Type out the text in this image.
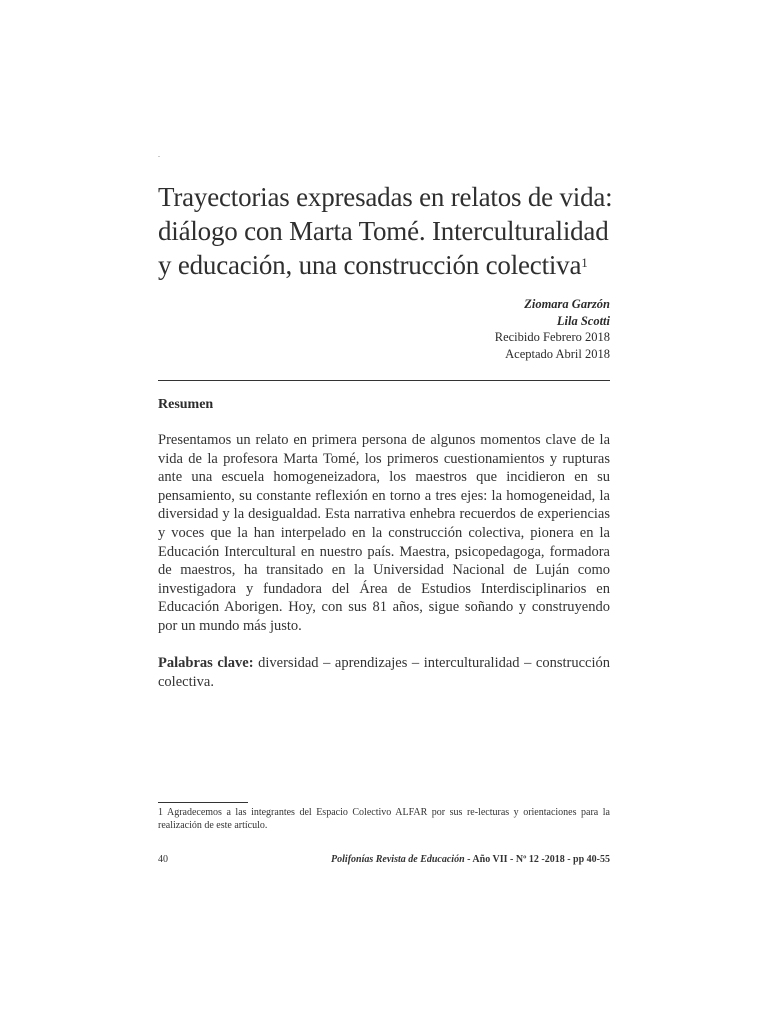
.
Trayectorias expresadas en relatos de vida:
diálogo con Marta Tomé. Interculturalidad
y educación, una construcción colectiva$^1$
Ziomara Garzón
Lila Scotti
Recibido Febrero 2018
Aceptado Abril 2018
Resumen

Presentamos un relato en primera persona de algunos momentos clave de la vida de la profesora Marta Tomé, los primeros cuestionamientos y rupturas ante una escuela homogeneizadora, los maestros que incidieron en su pensamiento, su constante reflexión en torno a tres ejes: la homogeneidad, la diversidad y la desigualdad. Esta narrativa enhebra recuerdos de experiencias y voces que la han interpelado en la construcción colectiva, pionera en la Educación Intercultural en nuestro país. Maestra, psicopedagoga, formadora de maestros, ha transitado en la Universidad Nacional de Luján como investigadora y fundadora del Área de Estudios Interdisciplinarios en Educación Aborigen. Hoy, con sus 81 años, sigue soñando y construyendo por un mundo más justo.

Palabras clave: diversidad – aprendizajes – interculturalidad – construcción colectiva.

1 Agradecemos a las integrantes del Espacio Colectivo ALFAR por sus re-lecturas y orientaciones para la realización de este artículo.

40	Polifonías Revista de Educación - Año VII - Nº 12 -2018 - pp 40-55
